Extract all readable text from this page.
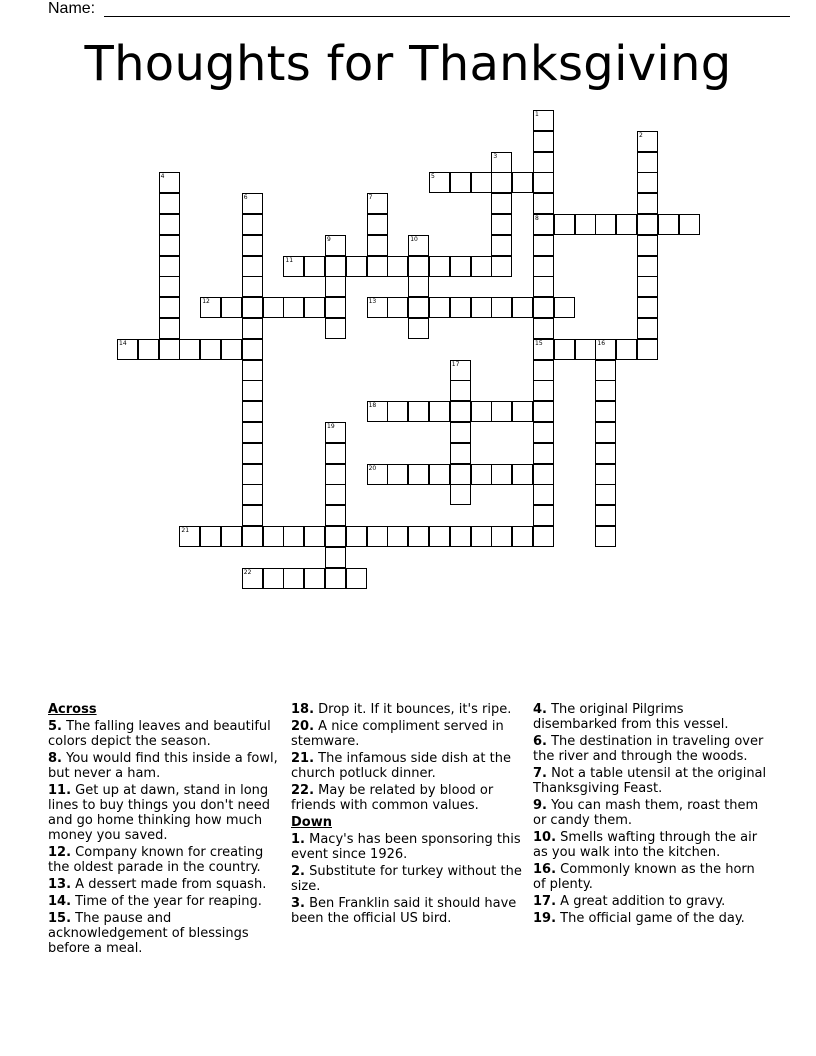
Name:
Thoughts for Thanksgiving
1
8
15
2
3
4	5
6	7
9	10
11
12	13
14	16
17
18
19
20
21
22
Across
5. The falling leaves and beautiful colors depict the season.
8. You would find this inside a fowl, but never a ham.
11. Get up at dawn, stand in long lines to buy things you don't need and go home thinking how much money you saved.
12. Company known for creating the oldest parade in the country.
13. A dessert made from squash.
14. Time of the year for reaping.
15. The pause and acknowledgement of blessings before a meal.
18. Drop it. If it bounces, it's ripe.
20. A nice compliment served in stemware.
21. The infamous side dish at the church potluck dinner.
22. May be related by blood or friends with common values.
Down
1. Macy's has been sponsoring this event since 1926.
2. Substitute for turkey without the size.
3. Ben Franklin said it should have been the official US bird.
4. The original Pilgrims disembarked from this vessel.
6. The destination in traveling over the river and through the woods.
7. Not a table utensil at the original Thanksgiving Feast.
9. You can mash them, roast them or candy them.
10. Smells wafting through the air as you walk into the kitchen.
16. Commonly known as the horn of plenty.
17. A great addition to gravy.
19. The official game of the day.
